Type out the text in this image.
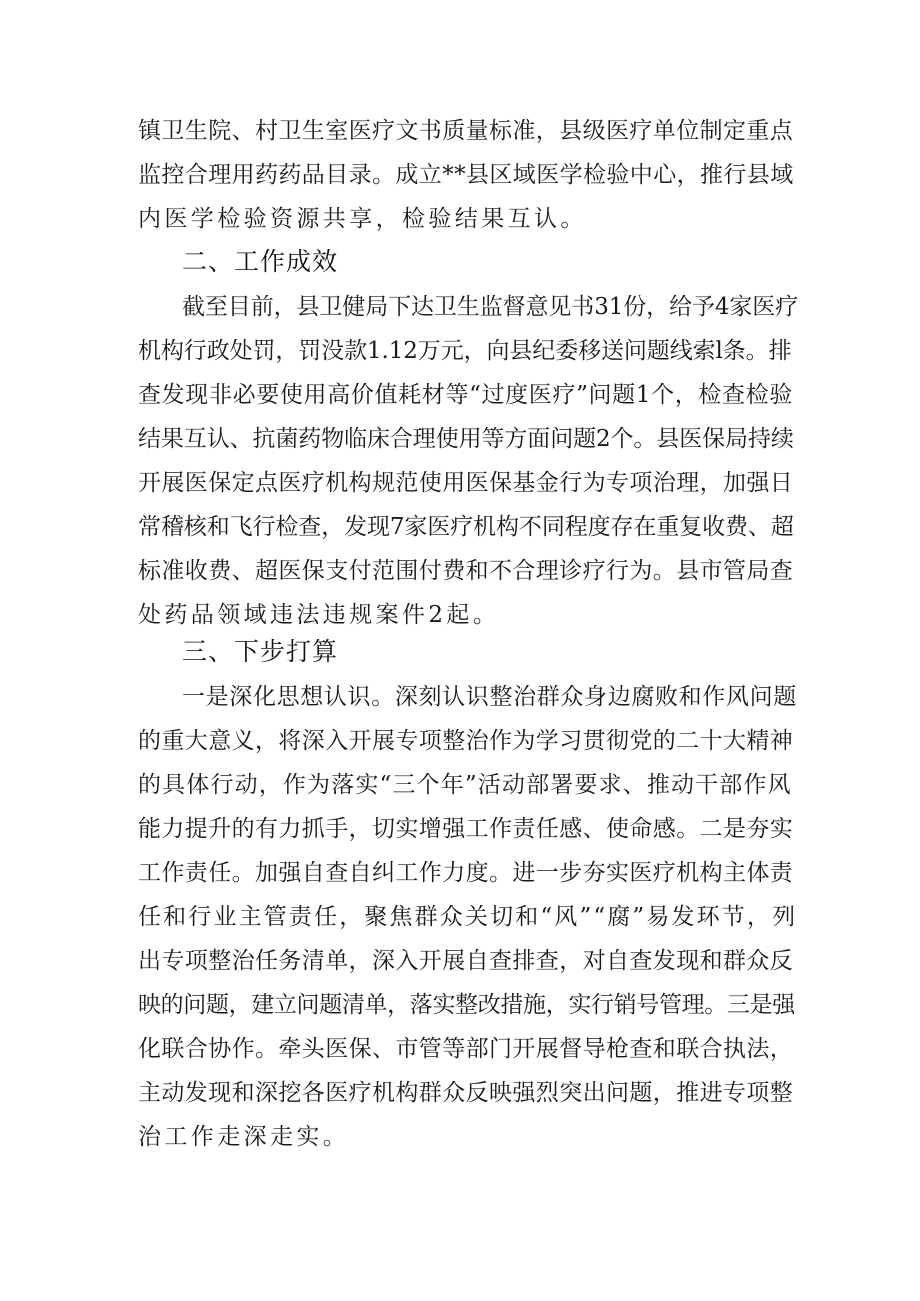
镇卫生院、村卫生室医疗文书质量标准，县级医疗单位制定重点
监控合理用药药品目录。成立**县区域医学检验中心，推行县域
内医学检验资源共享，检验结果互认。
二、工作成效
截至目前，县卫健局下达卫生监督意见书31份，给予4家医疗
机构行政处罚，罚没款1.12万元，向县纪委移送问题线索l条。排
查发现非必要使用高价值耗材等“过度医疗”问题1个，检查检验
结果互认、抗菌药物临床合理使用等方面问题2个。县医保局持续
开展医保定点医疗机构规范使用医保基金行为专项治理，加强日
常稽核和飞行检查，发现7家医疗机构不同程度存在重复收费、超
标准收费、超医保支付范围付费和不合理诊疗行为。县市管局查
处药品领域违法违规案件2起。
三、下步打算
一是深化思想认识。深刻认识整治群众身边腐败和作风问题
的重大意义，将深入开展专项整治作为学习贯彻党的二十大精神
的具体行动，作为落实“三个年”活动部署要求、推动干部作风
能力提升的有力抓手，切实增强工作责任感、使命感。二是夯实
工作责任。加强自查自纠工作力度。进一步夯实医疗机构主体责
任和行业主管责任，聚焦群众关切和“风”“腐”易发环节，列
出专项整治任务清单，深入开展自查排查，对自查发现和群众反
映的问题，建立问题清单，落实整改措施，实行销号管理。三是强
化联合协作。牵头医保、市管等部门开展督导枪查和联合执法，
主动发现和深挖各医疗机构群众反映强烈突出问题，推进专项整
治工作走深走实。
